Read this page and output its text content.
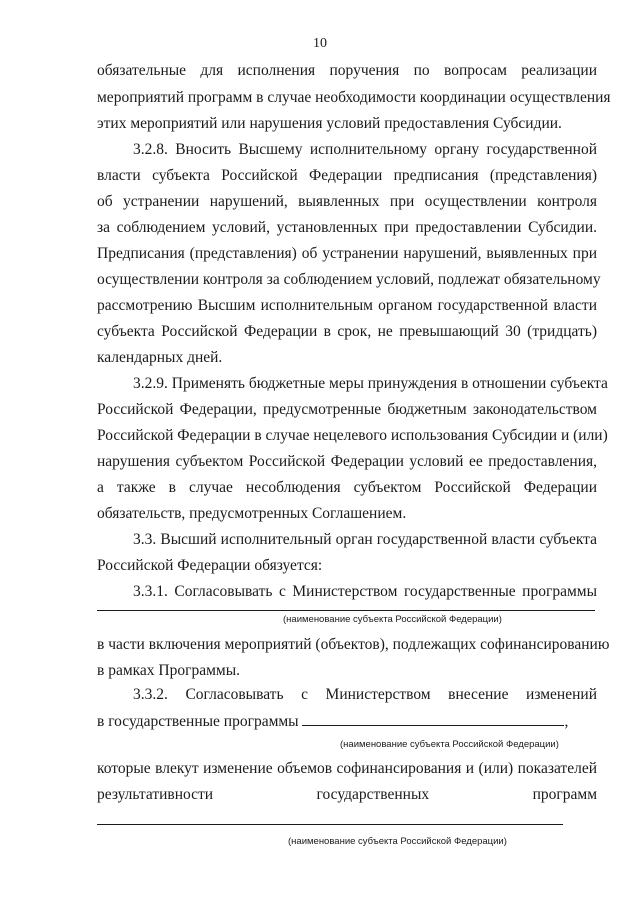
10
обязательные для исполнения поручения по вопросам реализации
мероприятий программ в случае необходимости координации осуществления
этих мероприятий или нарушения условий предоставления Субсидии.
3.2.8. Вносить Высшему исполнительному органу государственной
власти субъекта Российской Федерации предписания (представления)
об устранении нарушений, выявленных при осуществлении контроля
за соблюдением условий, установленных при предоставлении Субсидии.
Предписания (представления) об устранении нарушений, выявленных при
осуществлении контроля за соблюдением условий, подлежат обязательному
рассмотрению Высшим исполнительным органом государственной власти
субъекта Российской Федерации в срок, не превышающий 30 (тридцать)
календарных дней.
3.2.9. Применять бюджетные меры принуждения в отношении субъекта
Российской Федерации, предусмотренные бюджетным законодательством
Российской Федерации в случае нецелевого использования Субсидии и (или)
нарушения субъектом Российской Федерации условий ее предоставления,
а также в случае несоблюдения субъектом Российской Федерации
обязательств, предусмотренных Соглашением.
3.3. Высший исполнительный орган государственной власти субъекта
Российской Федерации обязуется:
3.3.1. Согласовывать с Министерством государственные программы
(наименование субъекта Российской Федерации)
в части включения мероприятий (объектов), подлежащих софинансированию
в рамках Программы.
3.3.2. Согласовывать с Министерством внесение изменений
в государственные программы	,
(наименование субъекта Российской Федерации)
которые влекут изменение объемов софинансирования и (или) показателей
результативности государственных программ
(наименование субъекта Российской Федерации)
